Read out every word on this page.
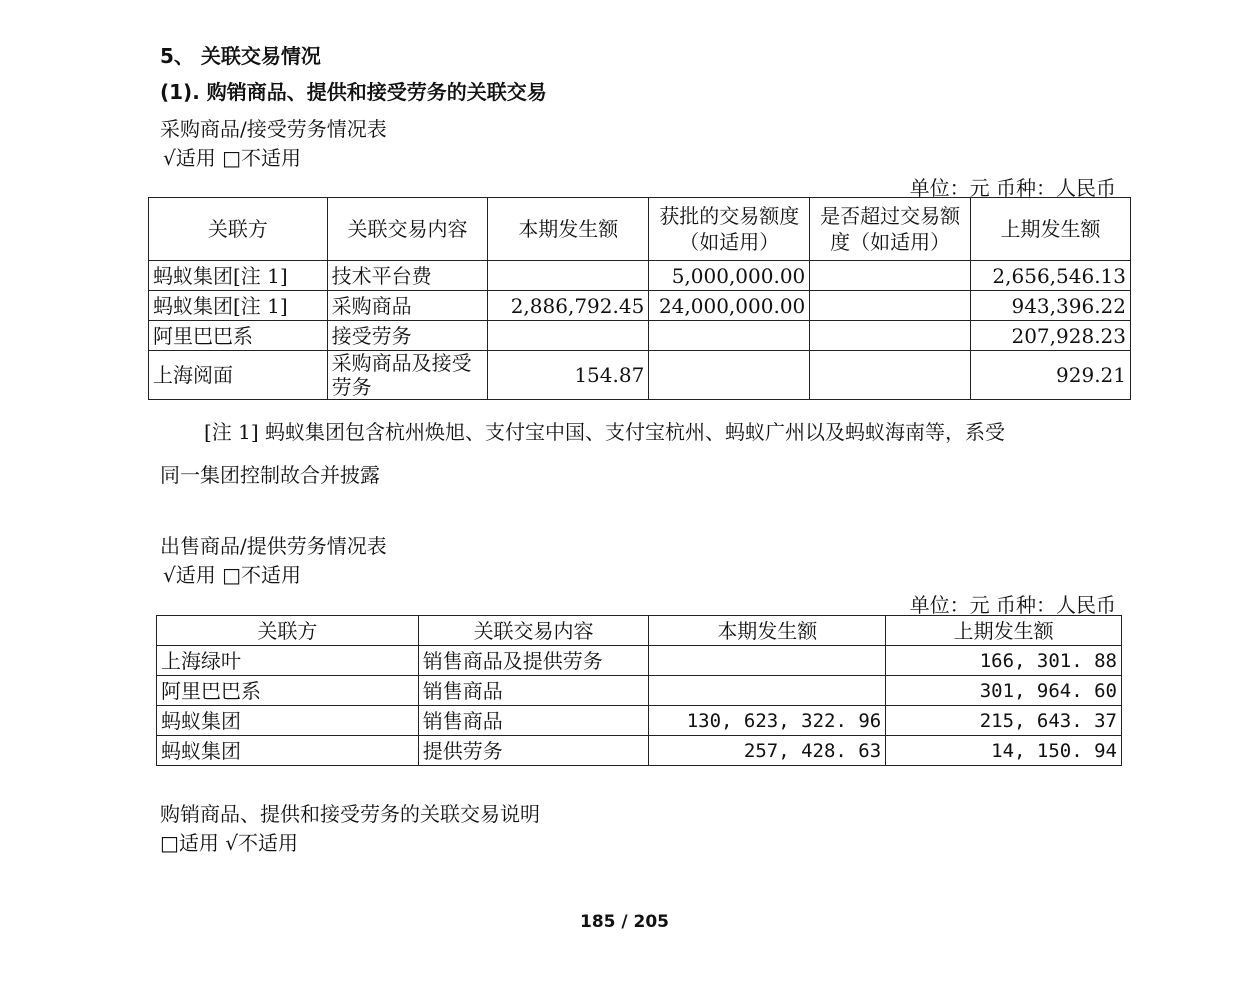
5、 关联交易情况
(1). 购销商品、提供和接受劳务的关联交易
采购商品/接受劳务情况表
√适用 □不适用
单位：元 币种：人民币
关联方	关联交易内容	本期发生额	获批的交易额度（如适用）	是否超过交易额度（如适用）	上期发生额
蚂蚁集团[注 1]	技术平台费		5,000,000.00		2,656,546.13
蚂蚁集团[注 1]	采购商品	2,886,792.45	24,000,000.00		943,396.22
阿里巴巴系	接受劳务				207,928.23
上海阅面	采购商品及接受劳务	154.87			929.21
[注 1] 蚂蚁集团包含杭州焕旭、支付宝中国、支付宝杭州、蚂蚁广州以及蚂蚁海南等，系受
同一集团控制故合并披露
出售商品/提供劳务情况表
√适用 □不适用
单位：元 币种：人民币
关联方	关联交易内容	本期发生额	上期发生额
上海绿叶	销售商品及提供劳务		166, 301. 88
阿里巴巴系	销售商品		301, 964. 60
蚂蚁集团	销售商品	130, 623, 322. 96	215, 643. 37
蚂蚁集团	提供劳务	257, 428. 63	14, 150. 94
购销商品、提供和接受劳务的关联交易说明
□适用 √不适用
185 / 205
